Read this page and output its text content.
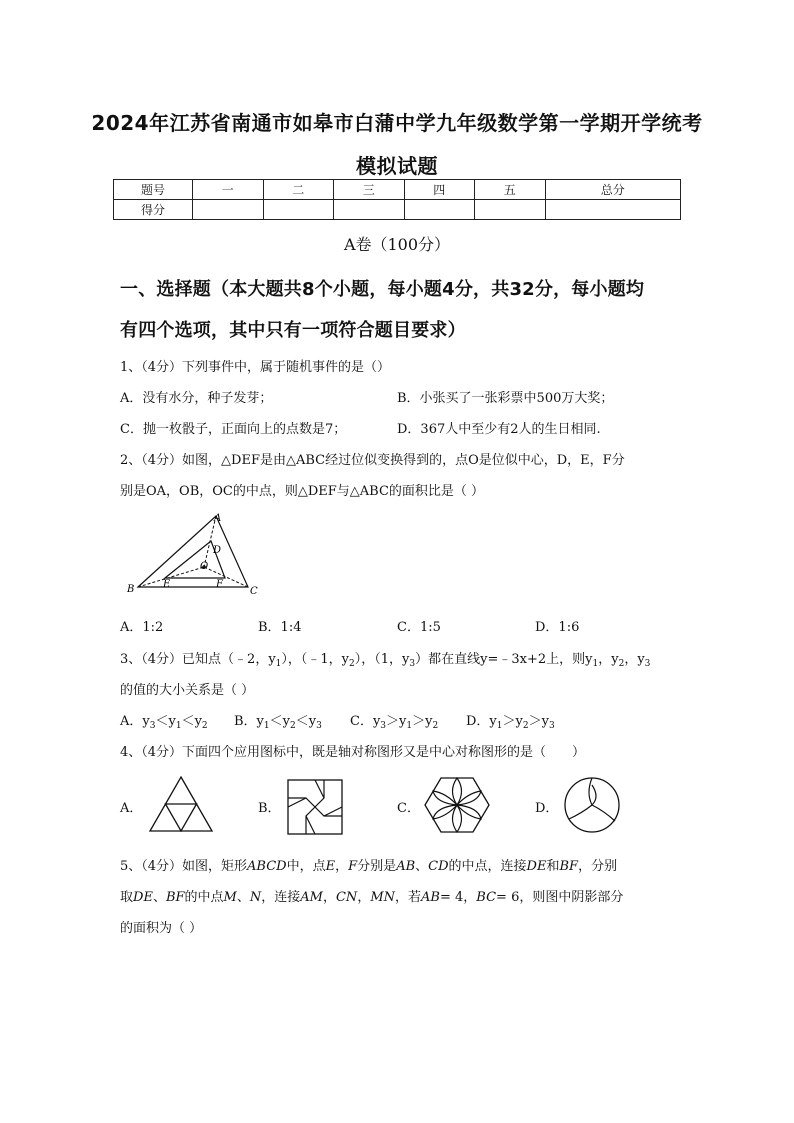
2024年江苏省南通市如皋市白蒲中学九年级数学第一学期开学统考
模拟试题
题号	一	二	三	四	五	总分
得分						
A卷（100分）
一、选择题（本大题共8个小题，每小题4分，共32分，每小题均
有四个选项，其中只有一项符合题目要求）
1、（4分）下列事件中，属于随机事件的是（）
A．没有水分，种子发芽；	B．小张买了一张彩票中500万大奖；
C．抛一枚骰子，正面向上的点数是7；	D．367人中至少有2人的生日相同.
2、（4分）如图，△DEF是由△ABC经过位似变换得到的，点O是位似中心，D，E，F分
别是OA，OB，OC的中点，则△DEF与△ABC的面积比是（ ）
A
B	C
D
E	F
O
A．1:2	B．1:4	C．1:5	D．1:6
3、（4分）已知点（﹣2，$y_1$），（﹣1，$y_2$），（1，$y_3$）都在直线y=﹣3x+2上，则$y_1$，$y_2$，$y_3$
的值的大小关系是（ ）
A．$y_3<y_1<y_2$ B．$y_1<y_2<y_3$ C．$y_3>y_1>y_2$ D．$y_1>y_2>y_3$
4、（4分）下面四个应用图标中，既是轴对称图形又是中心对称图形的是（　　）
A．	B．	C．	D．
5、（4分）如图，矩形ABCD中，点E，F分别是AB、CD的中点，连接DE和BF，分别
取DE、BF的中点M、N，连接AM，CN，MN，若AB= 4，BC= 6，则图中阴影部分
的面积为（ ）
